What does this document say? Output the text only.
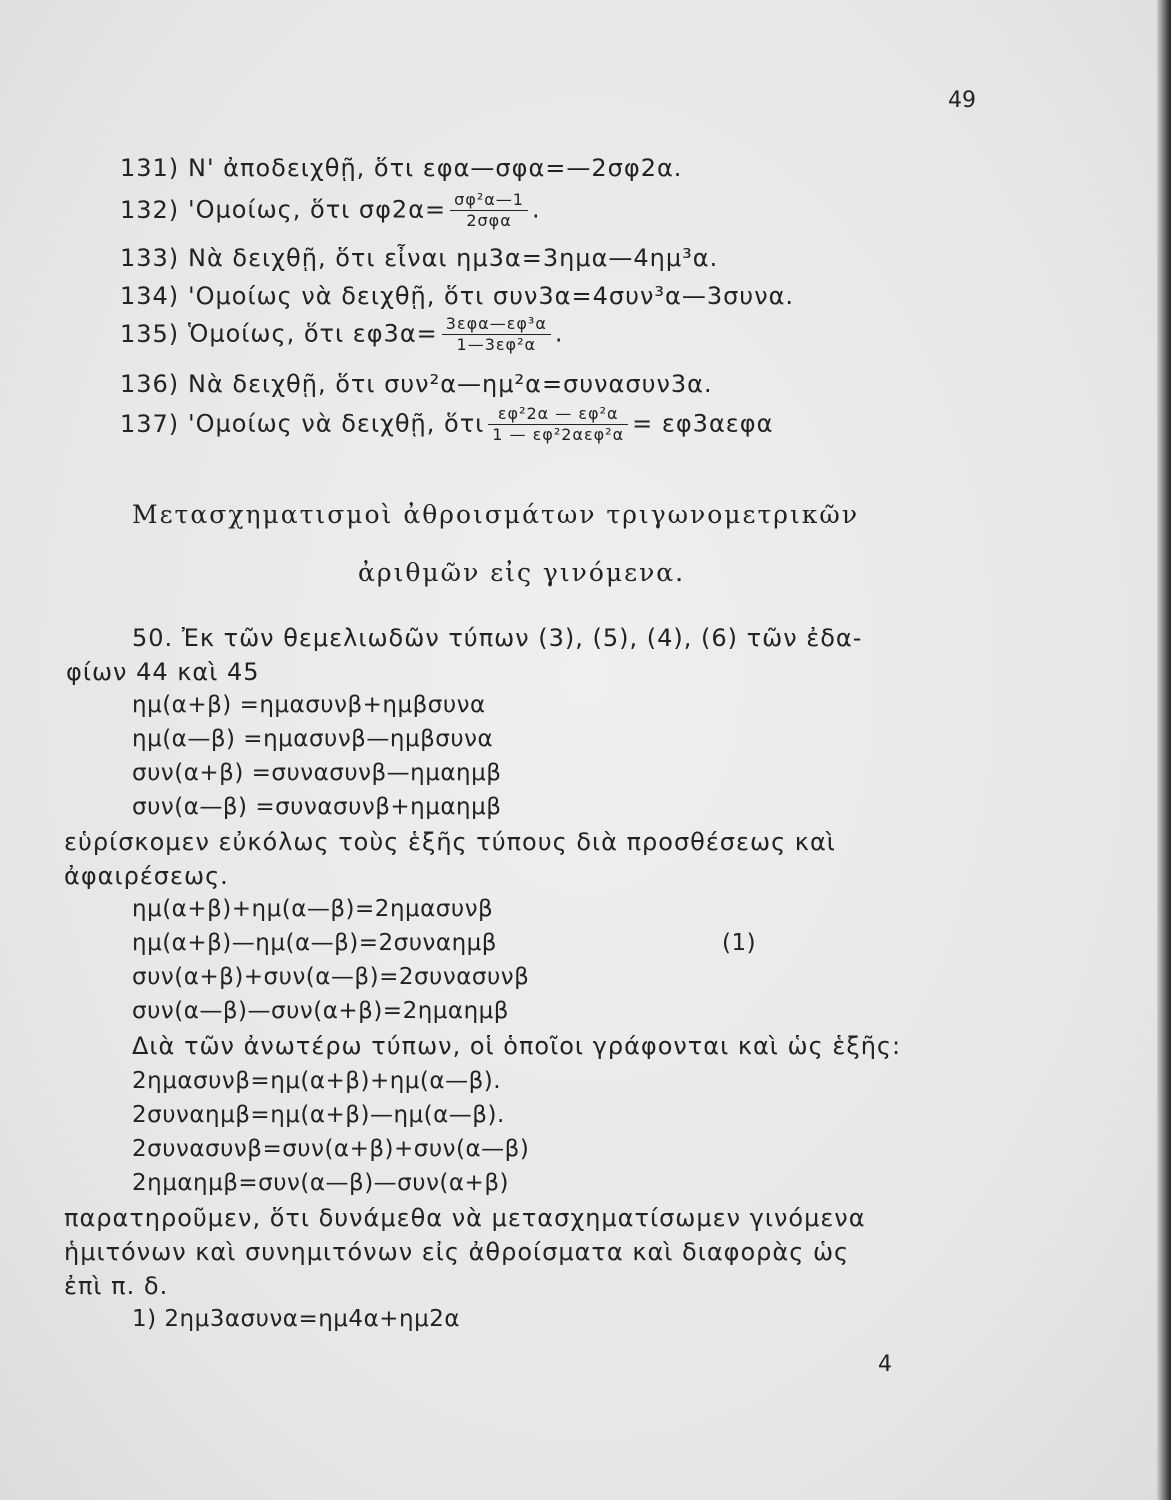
49
131) Ν' ἀποδειχθῇ, ὅτι εφα—σφα=—2σφ2α.
132) 'Ομοίως, ὅτι $\sigma\varphi 2\alpha= \frac{\text{σφ²α—1}}{\text{2σφα}}$ .
133) Νὰ δειχθῇ, ὅτι εἶναι ημ3α=3ημα—4ημ³α.
134) 'Ομοίως νὰ δειχθῇ, ὅτι συν3α=4συν³α—3συνα.
135) Ὁμοίως, ὅτι $\varepsilon\varphi 3\alpha= \frac{\text{3εφα—εφ³α}}{\text{1—3εφ²α}}$ .
136) Νὰ δειχθῇ, ὅτι συν²α—ημ²α=συνασυν3α.
137) 'Ομοίως νὰ δειχθῇ, ὅτι $\frac{\text{εφ²2α — εφ²α}}{\text{1 — εφ²2αεφ²α}} = \varepsilon\varphi 3\alpha\varepsilon\varphi\alpha$
Μετασχηματισμοὶ ἀθροισμάτων τριγωνομετρικῶν
ἀριθμῶν εἰς γινόμενα.
50. Ἐκ τῶν θεμελιωδῶν τύπων (3), (5), (4), (6) τῶν ἐδα-
φίων 44 καὶ 45
ημ(α+β) =ημασυνβ+ημβσυνα
ημ(α—β) =ημασυνβ—ημβσυνα
συν(α+β) =συνασυνβ—ημαημβ
συν(α—β) =συνασυνβ+ημαημβ
εὑρίσκομεν εὐκόλως τοὺς ἑξῆς τύπους διὰ προσθέσεως καὶ
ἀφαιρέσεως.
ημ(α+β)+ημ(α—β)=2ημασυνβ
ημ(α+β)—ημ(α—β)=2συναημβ	(1)
συν(α+β)+συν(α—β)=2συνασυνβ
συν(α—β)—συν(α+β)=2ημαημβ
Διὰ τῶν ἀνωτέρω τύπων, οἱ ὁποῖοι γράφονται καὶ ὡς ἑξῆς:
2ημασυνβ=ημ(α+β)+ημ(α—β).
2συναημβ=ημ(α+β)—ημ(α—β).
2συνασυνβ=συν(α+β)+συν(α—β)
2ημαημβ=συν(α—β)—συν(α+β)
παρατηροῦμεν, ὅτι δυνάμεθα νὰ μετασχηματίσωμεν γινόμενα
ἡμιτόνων καὶ συνημιτόνων εἰς ἀθροίσματα καὶ διαφορὰς ὡς
ἐπὶ π. δ.
1) 2ημ3ασυνα=ημ4α+ημ2α
4
